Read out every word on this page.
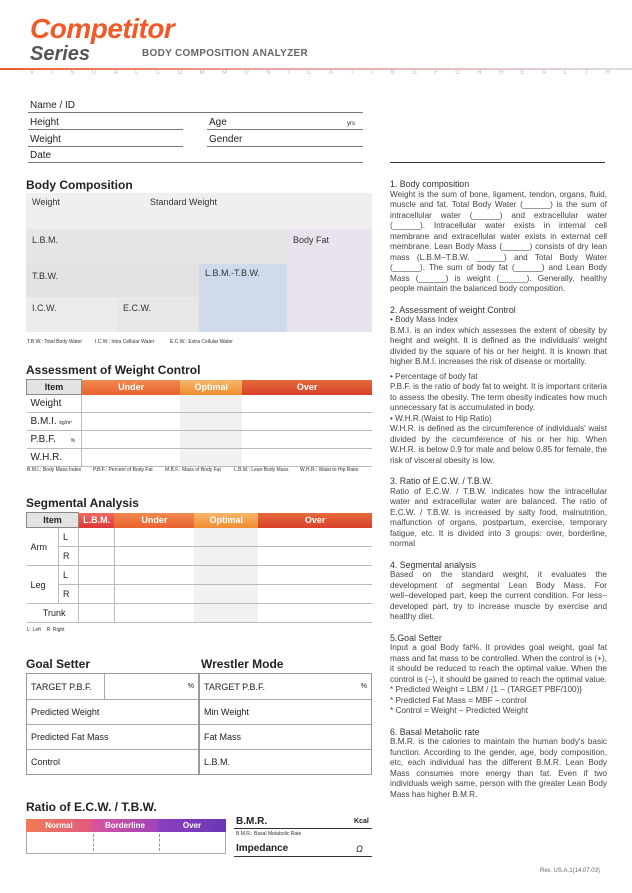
Competitor
Series	BODY COMPOSITION ANALYZER
V	I	S	U	A	L	C	O	M	M	U	N	I	C	A	T	I	N	G	F	O	R	H	E	A	L	T	H
Name / ID
Height	Age	yrs
Weight	Gender
Date
Body Composition
Weight	Standard Weight
L.B.M.	Body Fat
T.B.W.	L.B.M.-T.B.W.
I.C.W.	E.C.W.
T.B.W.: Total Body Water	I.C.W.: Intra Cellular Water	E.C.W.: Extra Cellular Water
Assessment of Weight Control
Item	Under	Optimal	Over
Weight			
B.M.I. kg/m²			
P.B.F. %			
W.H.R.			
B.M.I.: Body Mass Index P.B.F.: Percent of Body Fat M.B.F.: Mass of Body Fat	L.B.M.: Lean Body Mass W.H.R.: Waist to Hip Ratio
Segmental Analysis
Item		L.B.M.	Under	Optimal	Over
Arm	L				
	R				
Leg	L				
	R				
Trunk					
L: Left    R: Right
Goal Setter
TARGET P.B.F.	%
Predicted Weight
Predicted Fat Mass
Control
Wrestler Mode
TARGET P.B.F.	%
Min Weight
Fat Mass
L.B.M.
Ratio of E.C.W. / T.B.W.
Normal	Borderline	Over	B.M.R.	Kcal
B.M.R.: Basal Metabolic Rate
Impedance	Ω

1. Body composition

Weight is the sum of bone, ligament, tendon, organs, fluid, muscle and fat. Total Body Water (______) is the sum of intracellular water (______) and extracellular water (______). Intracellular water exists in internal cell membrane and extracellular water exists in external cell membrane. Lean Body Mass (______) consists of dry lean mass (L.B.M−T.B.W. ______) and Total Body Water (______). The sum of body fat (______) and Lean Body Mass (______) is weight (______). Generally, healthy people maintain the balanced body composition.

2. Assessment of weight Control

• Body Mass Index

B.M.I. is an index which assesses the extent of obesity by height and weight. It is defined as the individuals' weight divided by the square of his or her height. It is known that higher B.M.I. increases the risk of disease or mortality.

• Percentage of body fat

P.B.F. is the ratio of body fat to weight. It is important criteria to assess the obesity. The term obesity indicates how much unnecessary fat is accumulated in body.

• W.H.R.(Waist to Hip Ratio)

W.H.R. is defined as the circumference of individuals' waist divided by the circumference of his or her hip. When W.H.R. is below 0.9 for male and below 0.85 for female, the risk of visceral obesity is low.

3. Ratio of E.C.W. / T.B.W.

Ratio of E.C.W. / T.B.W. indicates how the intracellular water and extracellular water are balanced. The ratio of E.C.W. / T.B.W. is increased by salty food, malnutrition, malfunction of organs, postpartum, exercise, temporary fatigue, etc. It is divided into 3 groups: over, borderline, normal

4. Segmental analysis

Based on the standard weight, it evaluates the development of segmental Lean Body Mass. For well−developed part, keep the current condition. For less− developed part, try to increase muscle by exercise and healthy diet.

5.Goal Setter

Input a goal Body fat%. It provides goal weight, goal fat mass and fat mass to be controlled. When the control is (+), it should be reduced to reach the optimal value. When the control is (−), it should be gained to reach the optimal value.

* Predicted Weight = LBM / {1 − (TARGET PBF/100)}

* Predicted Fat Mass = MBF − control

* Control = Weight − Predicted Weight

6. Basal Metabolic rate

B.M.R. is the calories to maintain the human body's basic function. According to the gender, age, body composition, etc, each individual has the different B.M.R. Lean Body Mass consumes more energy than fat. Even if two individuals weigh same, person with the greater Lean Body Mass has higher B.M.R.

Rev. US.A.1(14.07.03)
